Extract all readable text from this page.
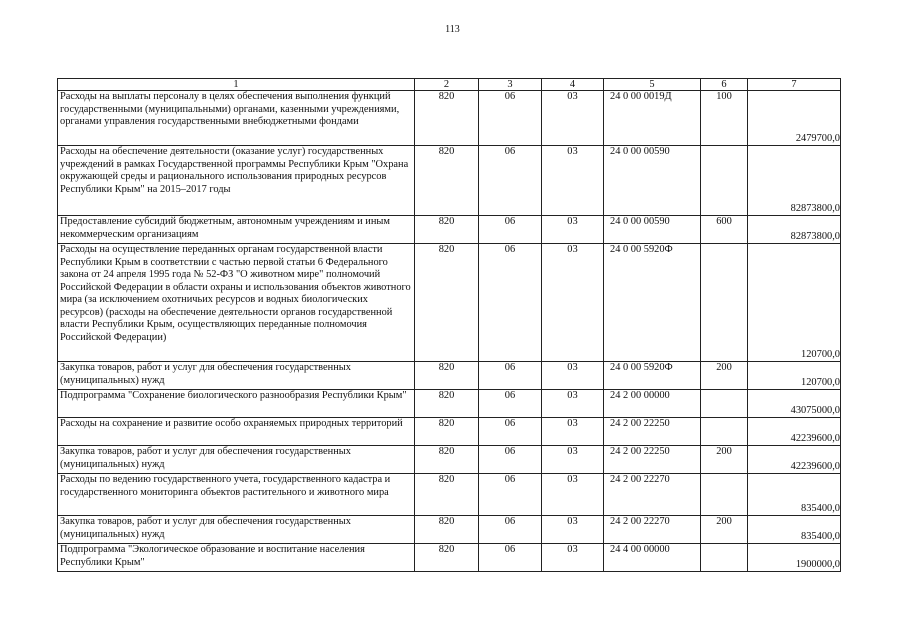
113
1	2	3	4	5	6	7
Расходы на выплаты персоналу в целях обеспечения выполнения функций государственными (муниципальными) органами, казенными учреждениями, органами управления государственными внебюджетными фондами	820	06	03	24 0 00 0019Д	100	2479700,0
Расходы на обеспечение деятельности (оказание услуг) государственных учреждений в рамках Государственной программы Республики Крым "Охрана окружающей среды и рационального использования природных ресурсов Республики Крым" на 2015–2017 годы	820	06	03	24 0 00 00590		82873800,0
Предоставление субсидий бюджетным, автономным учреждениям и иным некоммерческим организациям	820	06	03	24 0 00 00590	600	82873800,0
Расходы на осуществление переданных органам государственной власти Республики Крым в соответствии с частью первой статьи 6 Федерального закона от 24 апреля 1995 года № 52-ФЗ "О животном мире" полномочий Российской Федерации в области охраны и использования объектов животного мира (за исключением охотничьих ресурсов и водных биологических ресурсов) (расходы на обеспечение деятельности органов государственной власти Республики Крым, осуществляющих переданные полномочия Российской Федерации)	820	06	03	24 0 00 5920Ф		120700,0
Закупка товаров, работ и услуг для обеспечения государственных (муниципальных) нужд	820	06	03	24 0 00 5920Ф	200	120700,0
Подпрограмма "Сохранение биологического разнообразия Республики Крым"	820	06	03	24 2 00 00000		43075000,0
Расходы на сохранение и развитие особо охраняемых природных территорий	820	06	03	24 2 00 22250		42239600,0
Закупка товаров, работ и услуг для обеспечения государственных (муниципальных) нужд	820	06	03	24 2 00 22250	200	42239600,0
Расходы по ведению государственного учета, государственного кадастра и государственного мониторинга объектов растительного и животного мира	820	06	03	24 2 00 22270		835400,0
Закупка товаров, работ и услуг для обеспечения государственных (муниципальных) нужд	820	06	03	24 2 00 22270	200	835400,0
Подпрограмма "Экологическое образование и воспитание населения Республики Крым"	820	06	03	24 4 00 00000		1900000,0
